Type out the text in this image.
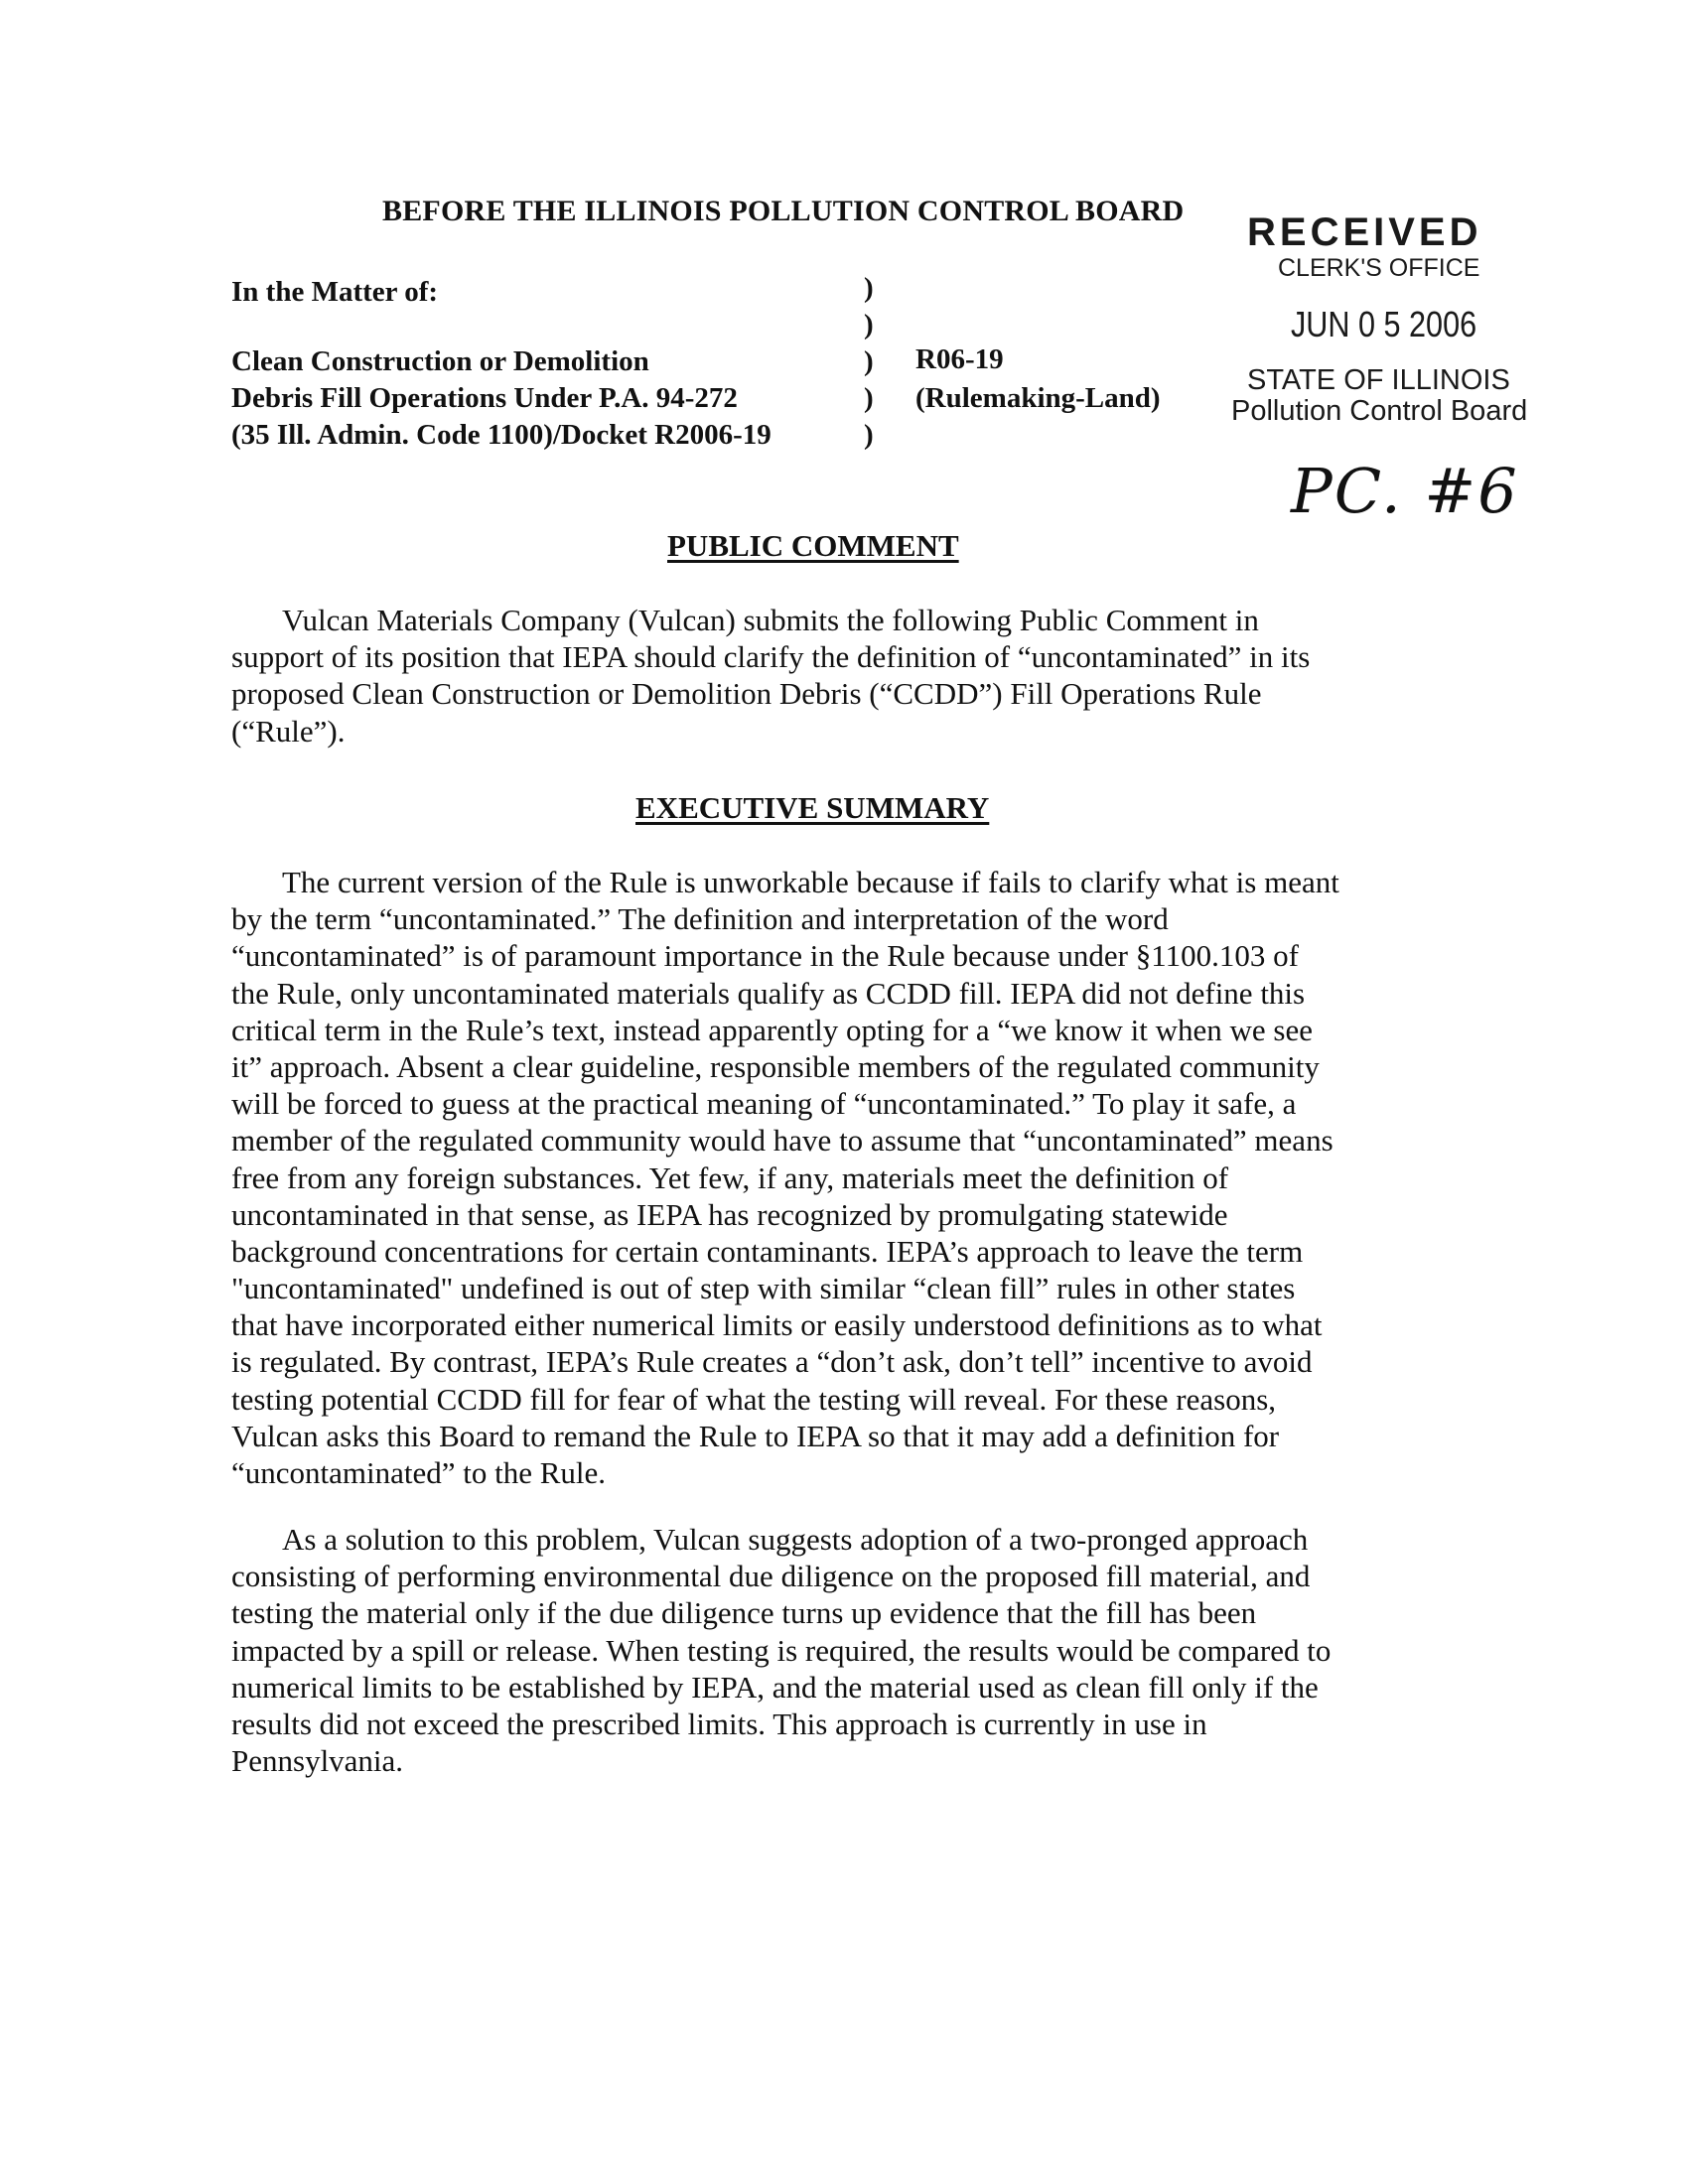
BEFORE THE ILLINOIS POLLUTION CONTROL BOARD
In the Matter of:
Clean Construction or Demolition
Debris Fill Operations Under P.A. 94-272
(35 Ill. Admin. Code 1100)/Docket R2006-19
)
)
)
)
)
R06-19
(Rulemaking-Land)
RECEIVED
CLERK'S OFFICE
JUN 0 5 2006
STATE OF ILLINOIS
Pollution Control Board
PC. #6
PUBLIC COMMENT
Vulcan Materials Company (Vulcan) submits the following Public Comment in
support of its position that IEPA should clarify the definition of “uncontaminated” in its
proposed Clean Construction or Demolition Debris (“CCDD”) Fill Operations Rule
(“Rule”).
EXECUTIVE SUMMARY
The current version of the Rule is unworkable because if fails to clarify what is meant
by the term “uncontaminated.” The definition and interpretation of the word
“uncontaminated” is of paramount importance in the Rule because under §1100.103 of
the Rule, only uncontaminated materials qualify as CCDD fill. IEPA did not define this
critical term in the Rule’s text, instead apparently opting for a “we know it when we see
it” approach. Absent a clear guideline, responsible members of the regulated community
will be forced to guess at the practical meaning of “uncontaminated.” To play it safe, a
member of the regulated community would have to assume that “uncontaminated” means
free from any foreign substances. Yet few, if any, materials meet the definition of
uncontaminated in that sense, as IEPA has recognized by promulgating statewide
background concentrations for certain contaminants. IEPA’s approach to leave the term
"uncontaminated" undefined is out of step with similar “clean fill” rules in other states
that have incorporated either numerical limits or easily understood definitions as to what
is regulated. By contrast, IEPA’s Rule creates a “don’t ask, don’t tell” incentive to avoid
testing potential CCDD fill for fear of what the testing will reveal. For these reasons,
Vulcan asks this Board to remand the Rule to IEPA so that it may add a definition for
“uncontaminated” to the Rule.
As a solution to this problem, Vulcan suggests adoption of a two-pronged approach
consisting of performing environmental due diligence on the proposed fill material, and
testing the material only if the due diligence turns up evidence that the fill has been
impacted by a spill or release. When testing is required, the results would be compared to
numerical limits to be established by IEPA, and the material used as clean fill only if the
results did not exceed the prescribed limits. This approach is currently in use in
Pennsylvania.
